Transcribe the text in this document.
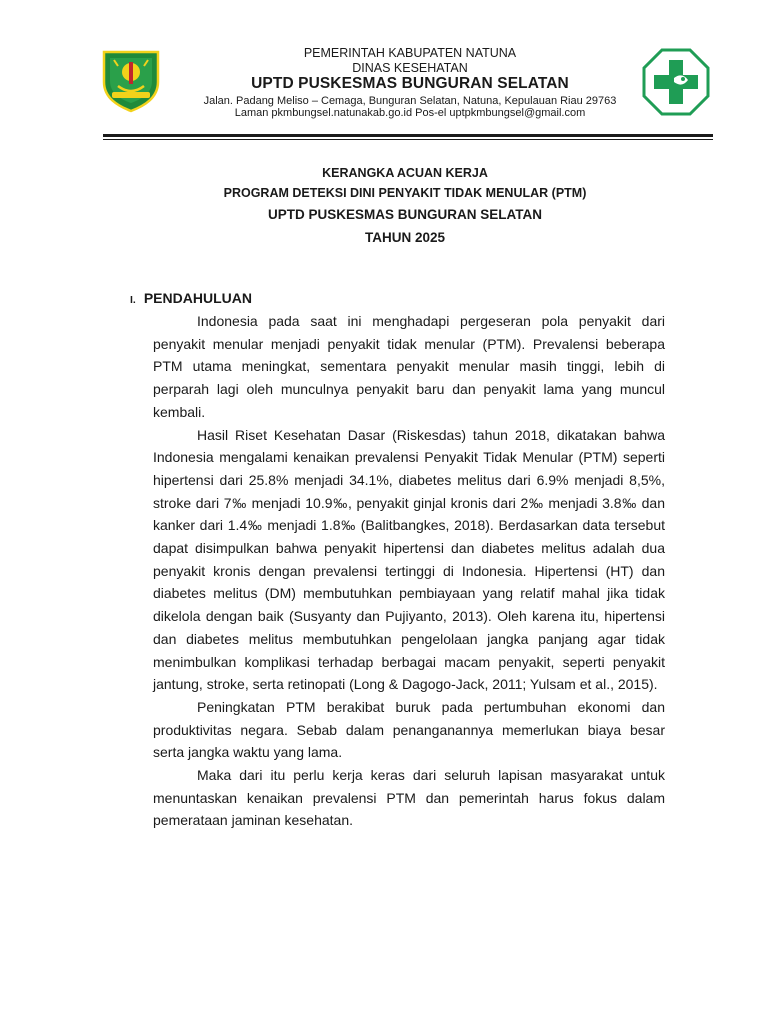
PEMERINTAH KABUPATEN NATUNA
DINAS KESEHATAN
UPTD PUSKESMAS BUNGURAN SELATAN
Jalan. Padang Meliso – Cemaga, Bunguran Selatan, Natuna, Kepulauan Riau 29763
Laman pkmbungsel.natunakab.go.id Pos-el uptpkmbungsel@gmail.com
KERANGKA ACUAN KERJA
PROGRAM DETEKSI DINI PENYAKIT TIDAK MENULAR (PTM)
UPTD PUSKESMAS BUNGURAN SELATAN
TAHUN 2025
I. PENDAHULUAN

Indonesia pada saat ini menghadapi pergeseran pola penyakit dari penyakit menular menjadi penyakit tidak menular (PTM). Prevalensi beberapa PTM utama meningkat, sementara penyakit menular masih tinggi, lebih di perparah lagi oleh munculnya penyakit baru dan penyakit lama yang muncul kembali.

Hasil Riset Kesehatan Dasar (Riskesdas) tahun 2018, dikatakan bahwa Indonesia mengalami kenaikan prevalensi Penyakit Tidak Menular (PTM) seperti hipertensi dari 25.8% menjadi 34.1%, diabetes melitus dari 6.9% menjadi 8,5%, stroke dari 7‰ menjadi 10.9‰, penyakit ginjal kronis dari 2‰ menjadi 3.8‰ dan kanker dari 1.4‰ menjadi 1.8‰ (Balitbangkes, 2018). Berdasarkan data tersebut dapat disimpulkan bahwa penyakit hipertensi dan diabetes melitus adalah dua penyakit kronis dengan prevalensi tertinggi di Indonesia. Hipertensi (HT) dan diabetes melitus (DM) membutuhkan pembiayaan yang relatif mahal jika tidak dikelola dengan baik (Susyanty dan Pujiyanto, 2013). Oleh karena itu, hipertensi dan diabetes melitus membutuhkan pengelolaan jangka panjang agar tidak menimbulkan komplikasi terhadap berbagai macam penyakit, seperti penyakit jantung, stroke, serta retinopati (Long & Dagogo-Jack, 2011; Yulsam et al., 2015).

Peningkatan PTM berakibat buruk pada pertumbuhan ekonomi dan produktivitas negara. Sebab dalam penanganannya memerlukan biaya besar serta jangka waktu yang lama.

Maka dari itu perlu kerja keras dari seluruh lapisan masyarakat untuk menuntaskan kenaikan prevalensi PTM dan pemerintah harus fokus dalam pemerataan jaminan kesehatan.
